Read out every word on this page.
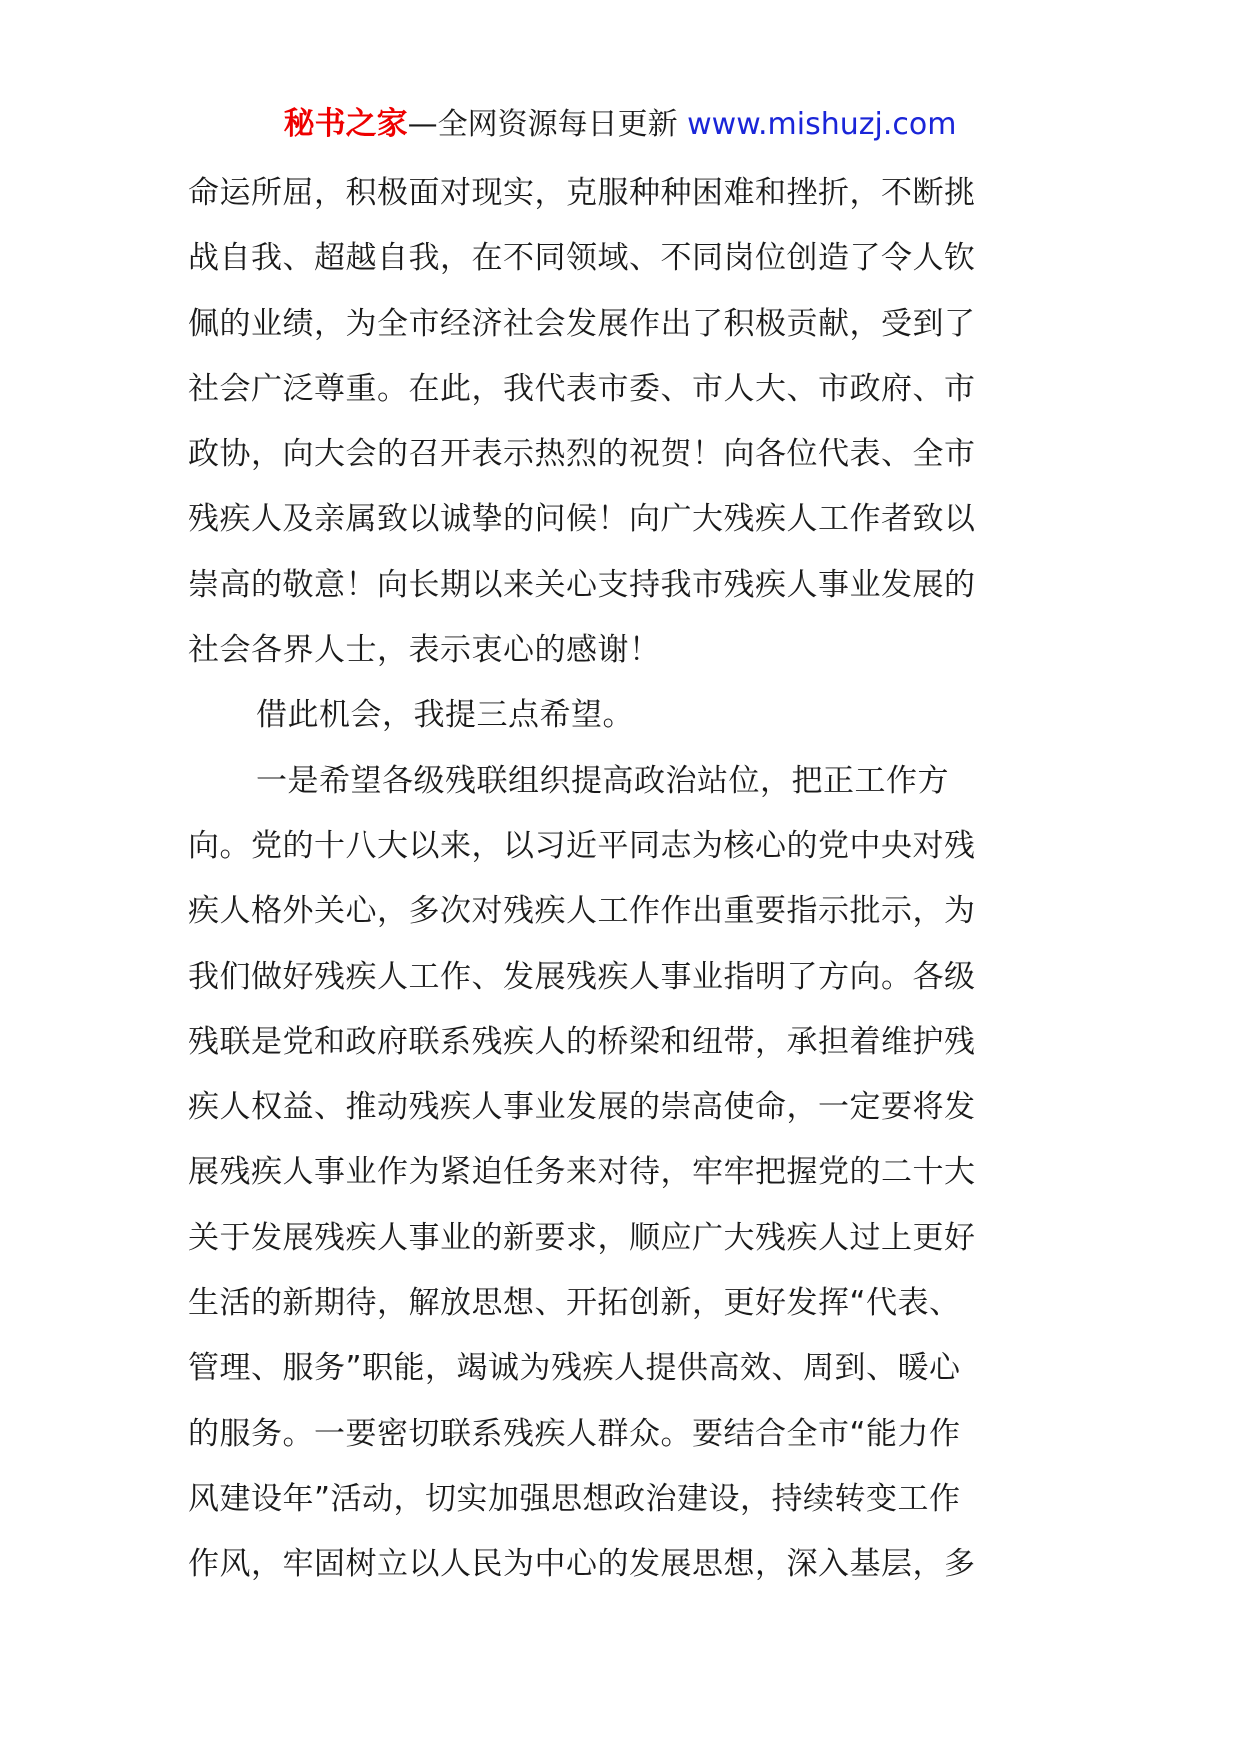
秘书之家—全网资源每日更新 www.mishuzj.com
命运所屈，积极面对现实，克服种种困难和挫折，不断挑
战自我、超越自我，在不同领域、不同岗位创造了令人钦
佩的业绩，为全市经济社会发展作出了积极贡献，受到了
社会广泛尊重。在此，我代表市委、市人大、市政府、市
政协，向大会的召开表示热烈的祝贺！向各位代表、全市
残疾人及亲属致以诚挚的问候！向广大残疾人工作者致以
崇高的敬意！向长期以来关心支持我市残疾人事业发展的
社会各界人士，表示衷心的感谢！
借此机会，我提三点希望。
一是希望各级残联组织提高政治站位，把正工作方
向。党的十八大以来，以习近平同志为核心的党中央对残
疾人格外关心，多次对残疾人工作作出重要指示批示，为
我们做好残疾人工作、发展残疾人事业指明了方向。各级
残联是党和政府联系残疾人的桥梁和纽带，承担着维护残
疾人权益、推动残疾人事业发展的崇高使命，一定要将发
展残疾人事业作为紧迫任务来对待，牢牢把握党的二十大
关于发展残疾人事业的新要求，顺应广大残疾人过上更好
生活的新期待，解放思想、开拓创新，更好发挥“代表、
管理、服务”职能，竭诚为残疾人提供高效、周到、暖心
的服务。一要密切联系残疾人群众。要结合全市“能力作
风建设年”活动，切实加强思想政治建设，持续转变工作
作风，牢固树立以人民为中心的发展思想，深入基层，多
